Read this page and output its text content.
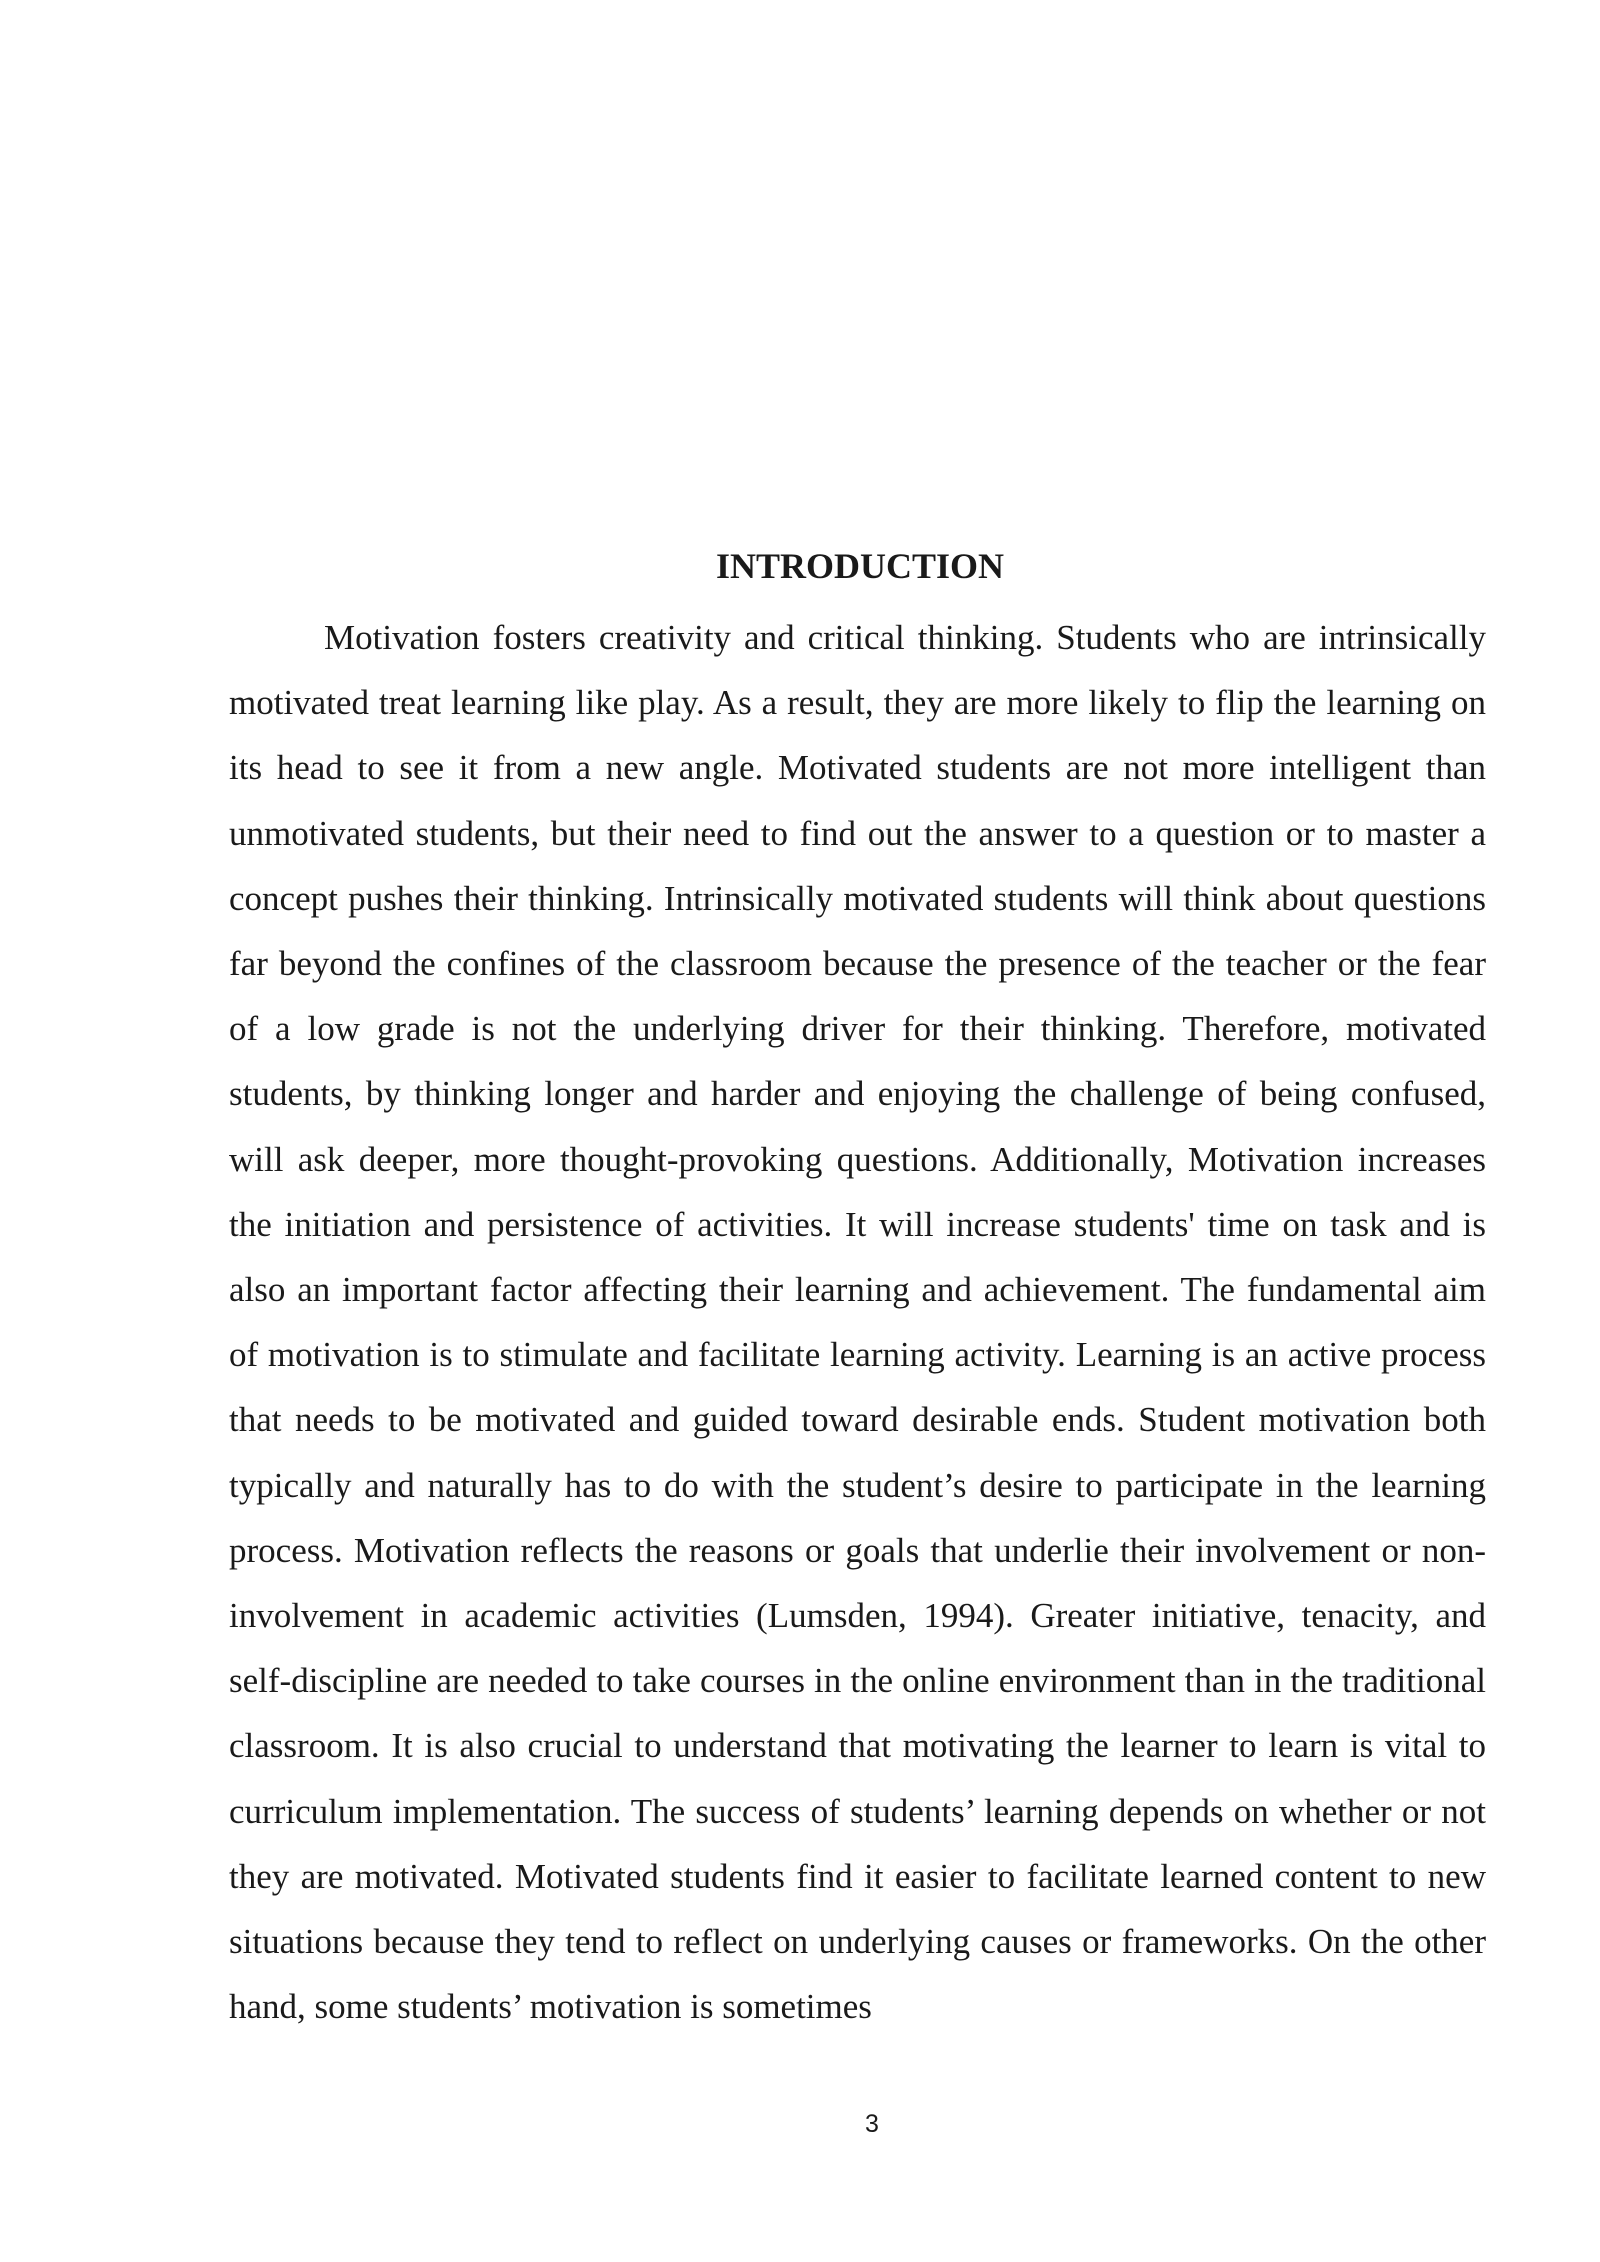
INTRODUCTION

Motivation fosters creativity and critical thinking. Students who are intrinsically motivated treat learning like play. As a result, they are more likely to flip the learning on its head to see it from a new angle. Motivated students are not more intelligent than unmotivated students, but their need to find out the answer to a question or to master a concept pushes their thinking. Intrinsically motivated students will think about questions far beyond the confines of the classroom because the presence of the teacher or the fear of a low grade is not the underlying driver for their thinking. Therefore, motivated students, by thinking longer and harder and enjoying the challenge of being confused, will ask deeper, more thought-provoking questions. Additionally, Motivation increases the initiation and persistence of activities. It will increase students' time on task and is also an important factor affecting their learning and achievement. The fundamental aim of motivation is to stimulate and facilitate learning activity. Learning is an active process that needs to be motivated and guided toward desirable ends. Student motivation both typically and naturally has to do with the student’s desire to participate in the learning process. Motivation reflects the reasons or goals that underlie their involvement or non-involvement in academic activities (Lumsden, 1994). Greater initiative, tenacity, and self-discipline are needed to take courses in the online environment than in the traditional classroom. It is also crucial to understand that motivating the learner to learn is vital to curriculum implementation. The success of students’ learning depends on whether or not they are motivated. Motivated students find it easier to facilitate learned content to new situations because they tend to reflect on underlying causes or frameworks. On the other hand, some students’ motivation is sometimes

3
